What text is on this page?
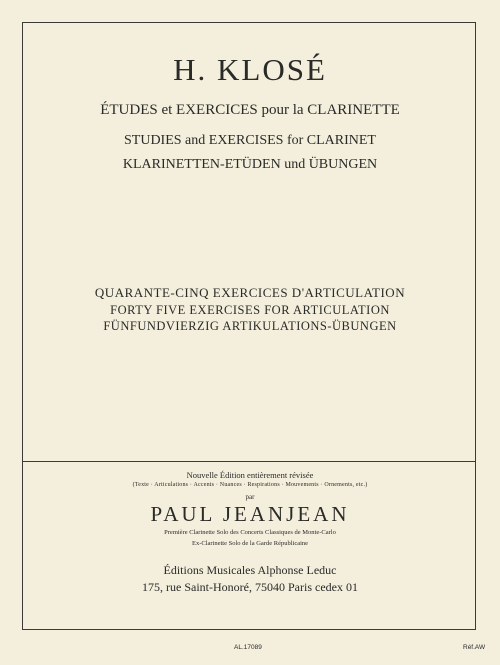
H. KLOSÉ
ÉTUDES et EXERCICES pour la CLARINETTE
STUDIES and EXERCISES for CLARINET
KLARINETTEN-ETÜDEN und ÜBUNGEN
QUARANTE-CINQ EXERCICES D'ARTICULATION
FORTY FIVE EXERCISES FOR ARTICULATION
FÜNFUNDVIERZIG ARTIKULATIONS-ÜBUNGEN
Nouvelle Édition entièrement révisée
(Texte · Articulations · Accents · Nuances · Respirations · Mouvements · Ornements, etc.)
par
PAUL JEANJEAN
Première Clarinette Solo des Concerts Classiques de Monte-Carlo
Ex-Clarinette Solo de la Garde Républicaine
Éditions Musicales Alphonse Leduc
175, rue Saint-Honoré, 75040 Paris cedex 01
AL.17089	Réf.AW
